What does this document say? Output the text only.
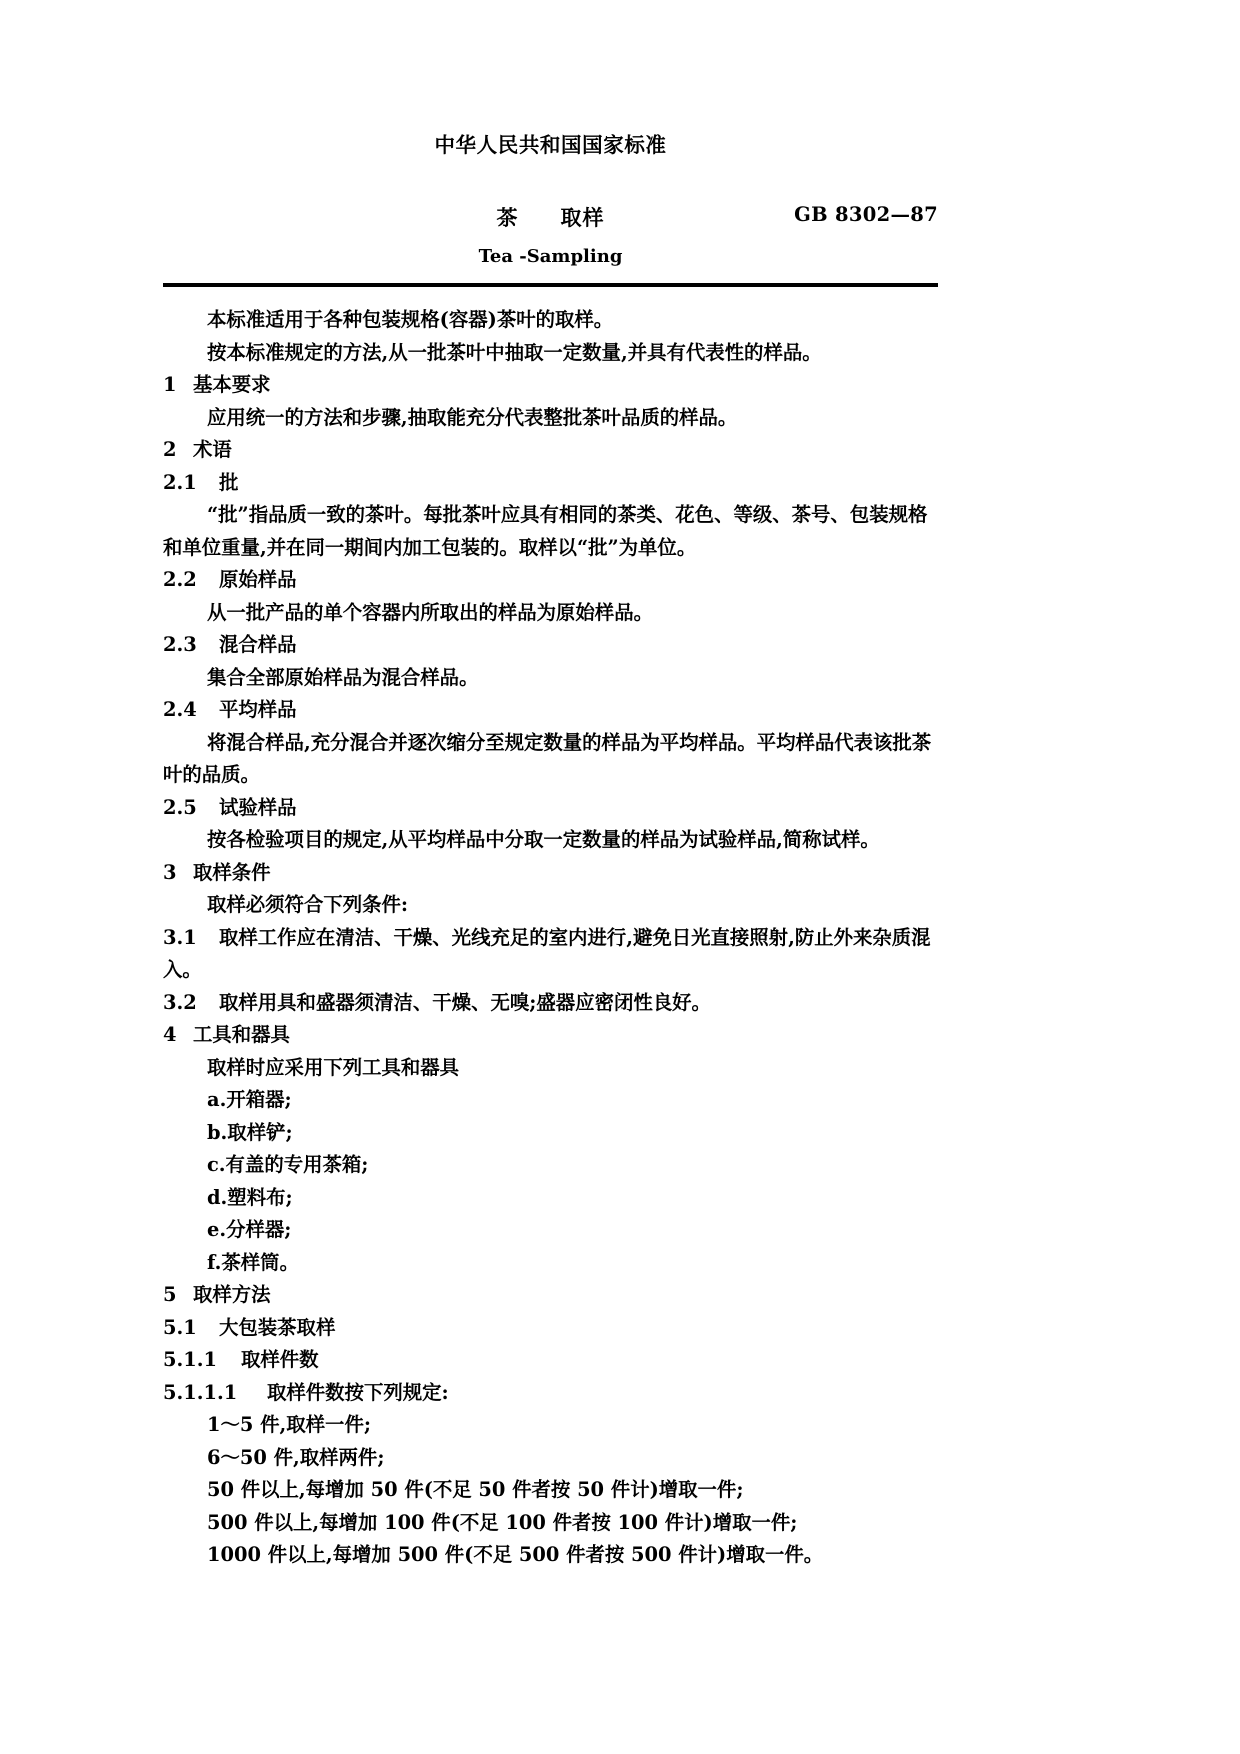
中华人民共和国国家标准
茶 取样	GB 8302—87
Tea -Sampling
本标准适用于各种包装规格(容器)茶叶的取样。
按本标准规定的方法,从一批茶叶中抽取一定数量,并具有代表性的样品。
1 基本要求
应用统一的方法和步骤,抽取能充分代表整批茶叶品质的样品。
2 术语
2.1 批
“批”指品质一致的茶叶。每批茶叶应具有相同的茶类、花色、等级、茶号、包装规格和单位重量,并在同一期间内加工包装的。取样以“批”为单位。
2.2 原始样品
从一批产品的单个容器内所取出的样品为原始样品。
2.3 混合样品
集合全部原始样品为混合样品。
2.4 平均样品
将混合样品,充分混合并逐次缩分至规定数量的样品为平均样品。平均样品代表该批茶叶的品质。
2.5 试验样品
按各检验项目的规定,从平均样品中分取一定数量的样品为试验样品,简称试样。
3 取样条件
取样必须符合下列条件:
3.1 取样工作应在清洁、干燥、光线充足的室内进行,避免日光直接照射,防止外来杂质混入。
3.2 取样用具和盛器须清洁、干燥、无嗅;盛器应密闭性良好。
4 工具和器具
取样时应采用下列工具和器具
a.开箱器;
b.取样铲;
c.有盖的专用茶箱;
d.塑料布;
e.分样器;
f.茶样筒。
5 取样方法
5.1 大包装茶取样
5.1.1 取样件数
5.1.1.1 取样件数按下列规定:
1～5 件,取样一件;
6～50 件,取样两件;
50 件以上,每增加 50 件(不足 50 件者按 50 件计)增取一件;
500 件以上,每增加 100 件(不足 100 件者按 100 件计)增取一件;
1000 件以上,每增加 500 件(不足 500 件者按 500 件计)增取一件。
